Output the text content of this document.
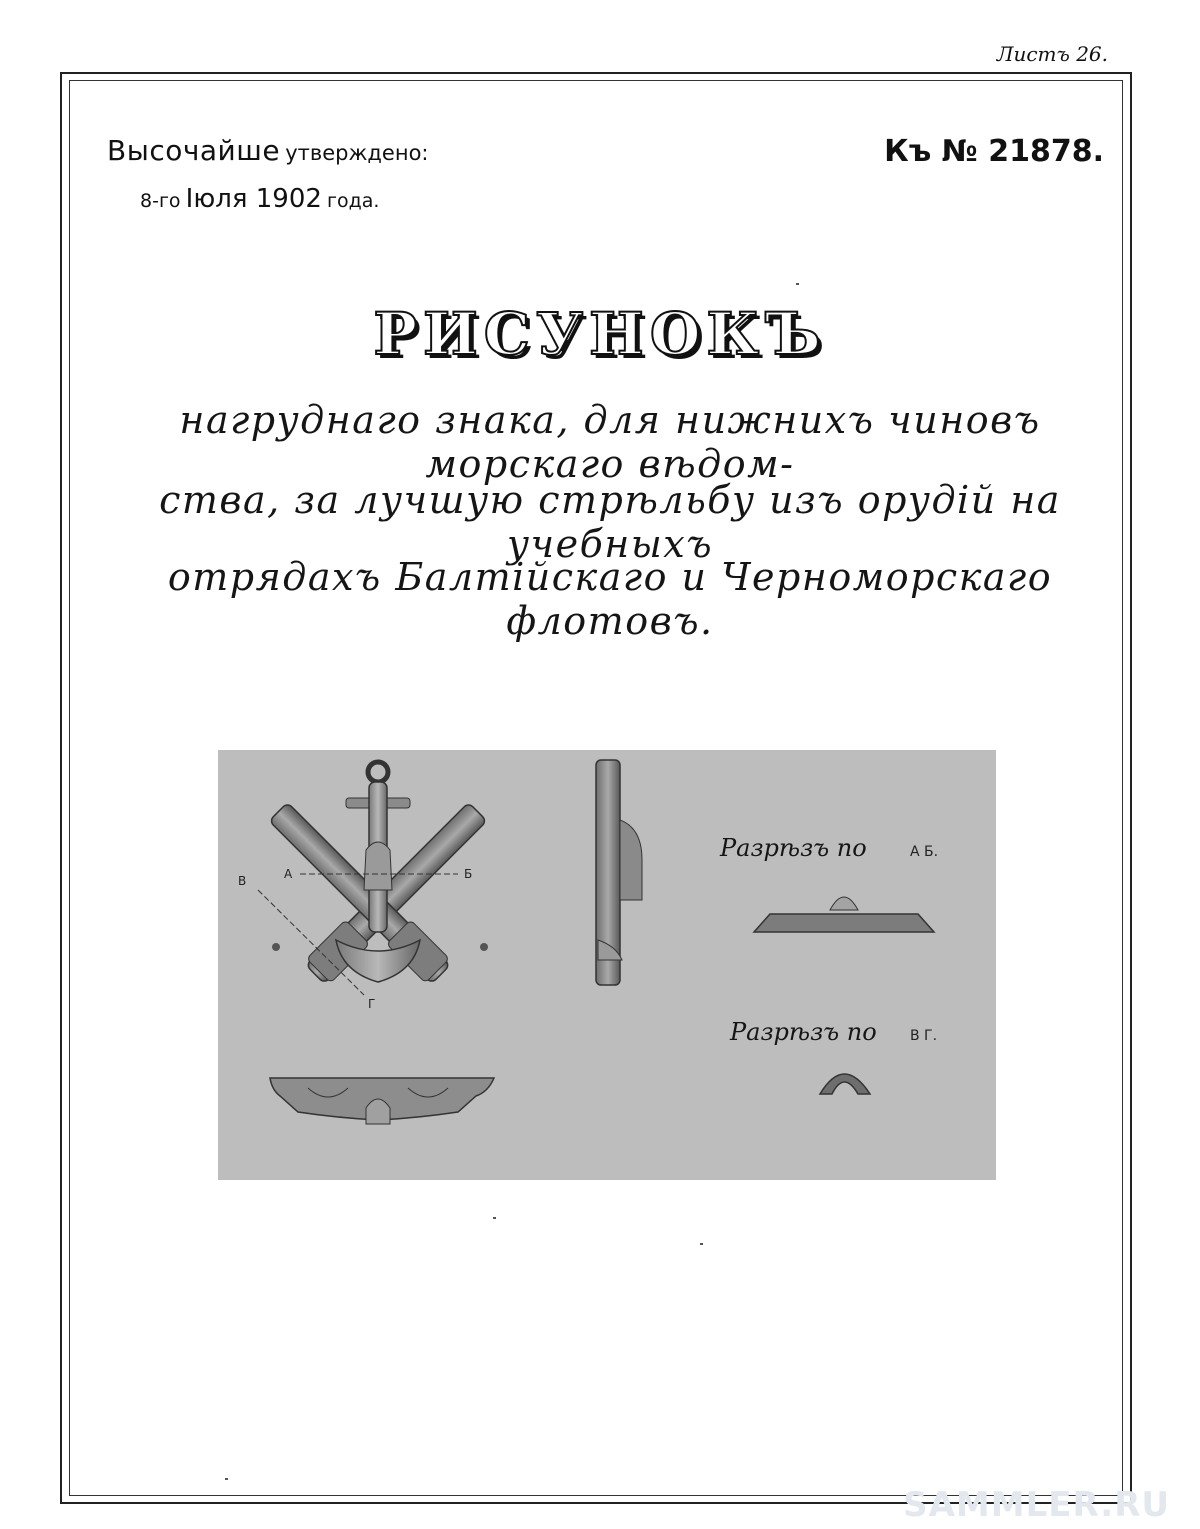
Листъ 26.
Высочайше утверждено:
8-го Іюля 1902 года.
Къ № 21878.
РИСУНОКЪ
нагруднаго знака, для нижнихъ чиновъ морскаго вѣдом-
ства, за лучшую стрѣльбу изъ орудій на учебныхъ
отрядахъ Балтійскаго и Черноморскаго флотовъ.
А	Б
В
Г
Разрѣзъ по	А Б.
Разрѣзъ по В Г.
SAMMLER.RU
